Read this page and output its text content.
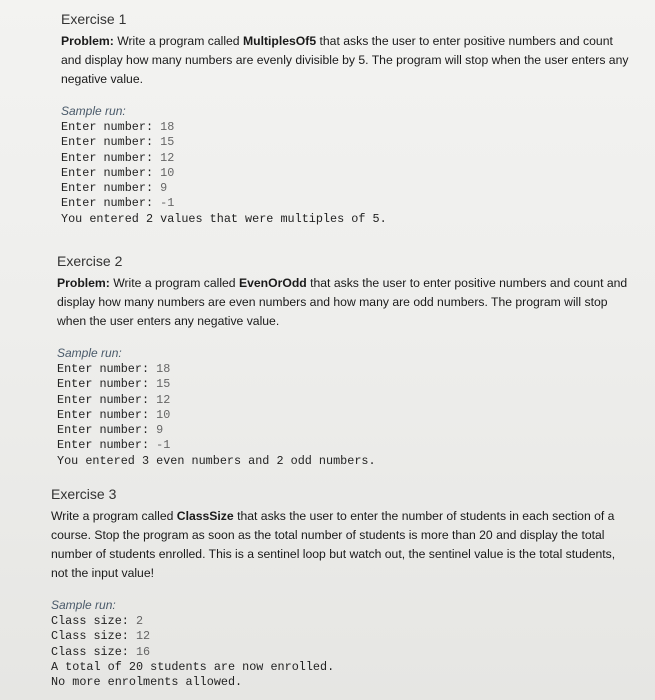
Exercise 1

Problem: Write a program called MultiplesOf5 that asks the user to enter positive numbers and count and display how many numbers are evenly divisible by 5. The program will stop when the user enters any negative value.

Sample run:
Enter number: 18
Enter number: 15
Enter number: 12
Enter number: 10
Enter number: 9
Enter number: -1
You entered 2 values that were multiples of 5.
Exercise 2

Problem: Write a program called EvenOrOdd that asks the user to enter positive numbers and count and display how many numbers are even numbers and how many are odd numbers. The program will stop when the user enters any negative value.

Sample run:
Enter number: 18
Enter number: 15
Enter number: 12
Enter number: 10
Enter number: 9
Enter number: -1
You entered 3 even numbers and 2 odd numbers.
Exercise 3

Write a program called ClassSize that asks the user to enter the number of students in each section of a course. Stop the program as soon as the total number of students is more than 20 and display the total number of students enrolled. This is a sentinel loop but watch out, the sentinel value is the total students, not the input value!

Sample run:
Class size: 2
Class size: 12
Class size: 16
A total of 20 students are now enrolled.
No more enrolments allowed.
